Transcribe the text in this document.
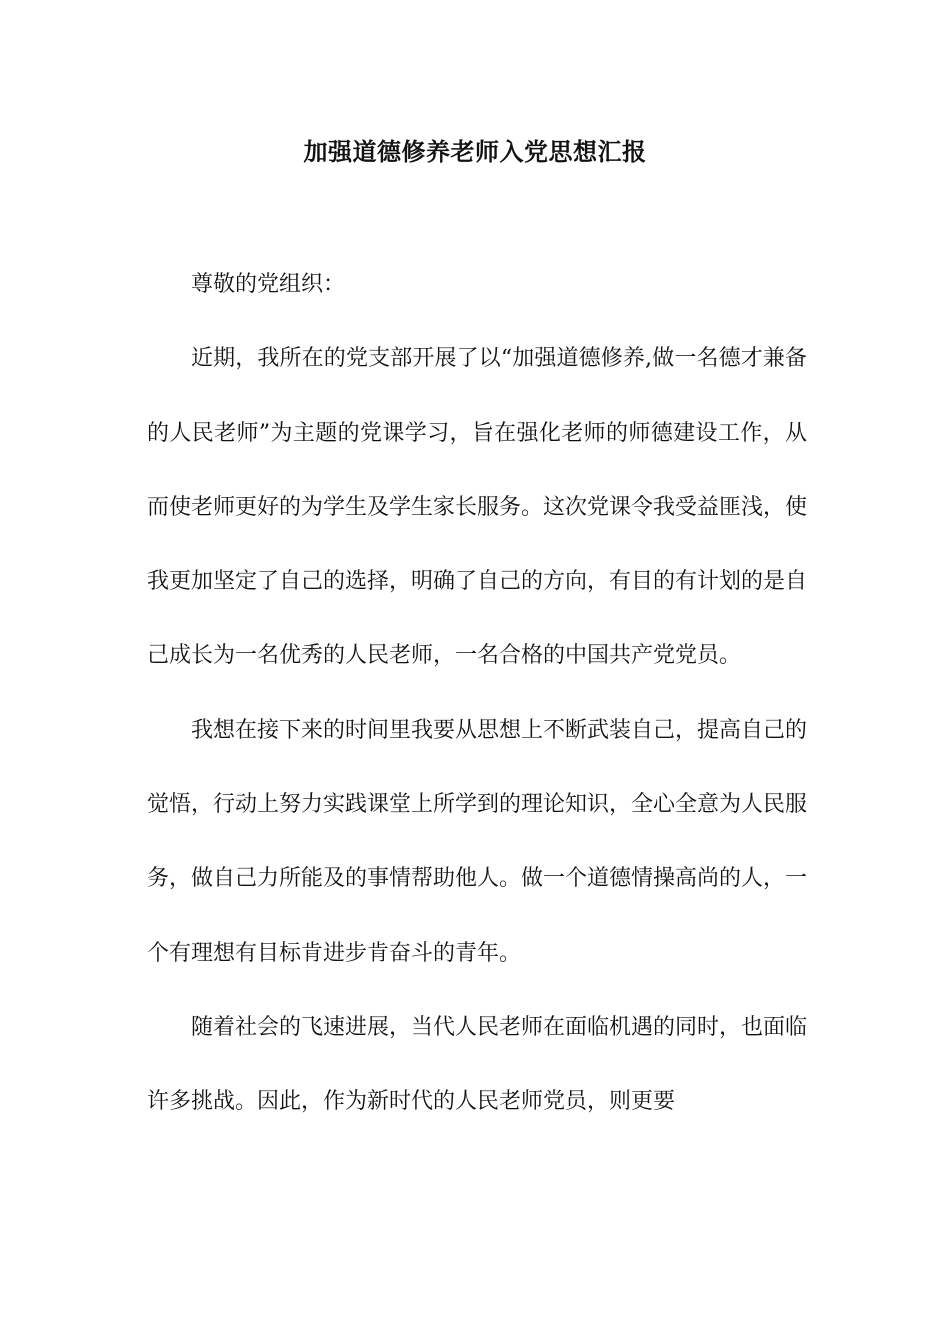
加强道德修养老师入党思想汇报

尊敬的党组织：

近期，我所在的党支部开展了以“加强道德修养,做一名德才兼备的人民老师”为主题的党课学习，旨在强化老师的师德建设工作，从而使老师更好的为学生及学生家长服务。这次党课令我受益匪浅，使我更加坚定了自己的选择，明确了自己的方向，有目的有计划的是自己成长为一名优秀的人民老师，一名合格的中国共产党党员。

我想在接下来的时间里我要从思想上不断武装自己，提高自己的觉悟，行动上努力实践课堂上所学到的理论知识，全心全意为人民服务，做自己力所能及的事情帮助他人。做一个道德情操高尚的人，一个有理想有目标肯进步肯奋斗的青年。

随着社会的飞速进展，当代人民老师在面临机遇的同时，也面临许多挑战。因此，作为新时代的人民老师党员，则更要
